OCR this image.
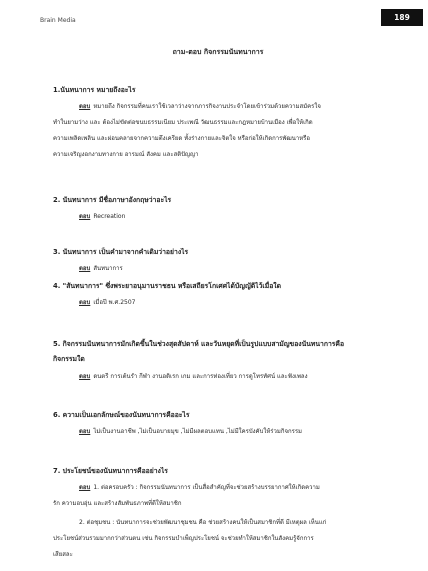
Brain Media	189
ถาม-ตอบ กิจกรรมนันทนาการ
1.นันทนาการ หมายถึงอะไร
ตอบ หมายถึง กิจกรรมที่คนเราใช้เวลาว่างจากภารกิจงานประจำโดยเข้าร่วมด้วยความสมัครใจ
ทำในยามว่าง และ ต้องไม่ขัดต่อขนบธรรมเนียม ประเพณี วัฒนธรรมและกฎหมายบ้านเมือง เพื่อให้เกิด
ความเพลิดเพลิน และผ่อนคลายจากความตึงเครียด ทั้งร่างกายและจิตใจ หรือก่อให้เกิดการพัฒนาหรือ
ความเจริญงอกงามทางกาย อารมณ์ สังคม และสติปัญญา
2. นันทนาการ มีชื่อภาษาอังกฤษว่าอะไร
ตอบ Recreation
3. นันทนาการ เป็นคำมาจากคำเดิมว่าอย่างไร
ตอบ สันทนาการ
4. "สันทนาการ" ซึ่งพระยาอนุมานราชธน หรือเสถียรโกเศศได้บัญญัติไว้เมื่อใด
ตอบ เมื่อปี พ.ศ.2507
5. กิจกรรมนันทนาการมักเกิดขึ้นในช่วงสุดสัปดาห์ และวันหยุดที่เป็นรูปแบบสามัญของนันทนาการคือ
กิจกรรมใด
ตอบ ดนตรี การเต้นรำ กีฬา งานอดิเรก เกม และการท่องเที่ยว การดูโทรทัศน์ และฟังเพลง
6. ความเป็นเอกลักษณ์ของนันทนาการคืออะไร
ตอบ ไม่เป็นงานอาชีพ ,ไม่เป็นอบายมุข ,ไม่มีผลตอบแทน ,ไม่มีใครบังคับให้ร่วมกิจกรรม
7. ประโยชน์ของนันทนาการคืออย่างไร
ตอบ 1. ต่อครอบครัว : กิจกรรมนันทนาการ เป็นสื่อสำคัญที่จะช่วยสร้างบรรยากาศให้เกิดความ
รัก ความอบอุ่น และสร้างสัมพันธภาพที่ดีให้สมาชิก
2. ต่อชุมชน : นันทนาการจะช่วยพัฒนาชุมชน คือ ช่วยสร้างคนให้เป็นสมาชิกที่ดี มีเหตุผล เห็นแก่
ประโยชน์ส่วนรวมมากกว่าส่วนตน เช่น กิจกรรมบำเพ็ญประโยชน์ จะช่วยทำให้สมาชิกในสังคมรู้จักการ
เสียสละ
